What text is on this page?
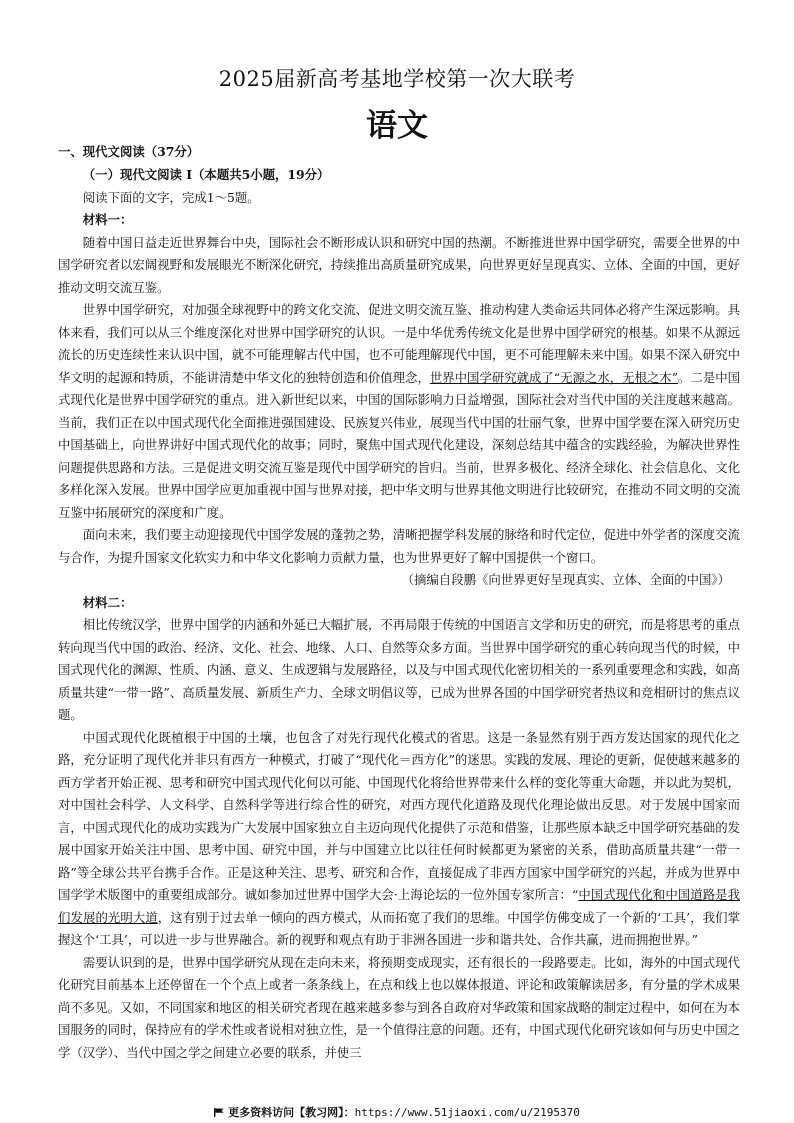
2025届新高考基地学校第一次大联考
语文
一、现代文阅读（37分）
（一）现代文阅读 I（本题共5小题，19分）
阅读下面的文字，完成1～5题。
材料一：

随着中国日益走近世界舞台中央，国际社会不断形成认识和研究中国的热潮。不断推进世界中国学研究，需要全世界的中国学研究者以宏阔视野和发展眼光不断深化研究，持续推出高质量研究成果，向世界更好呈现真实、立体、全面的中国，更好推动文明交流互鉴。

世界中国学研究，对加强全球视野中的跨文化交流、促进文明交流互鉴、推动构建人类命运共同体必将产生深远影响。具体来看，我们可以从三个维度深化对世界中国学研究的认识。一是中华优秀传统文化是世界中国学研究的根基。如果不从源远流长的历史连续性来认识中国，就不可能理解古代中国，也不可能理解现代中国，更不可能理解未来中国。如果不深入研究中华文明的起源和特质，不能讲清楚中华文化的独特创造和价值理念，世界中国学研究就成了“无源之水，无根之木”。二是中国式现代化是世界中国学研究的重点。进入新世纪以来，中国的国际影响力日益增强，国际社会对当代中国的关注度越来越高。当前，我们正在以中国式现代化全面推进强国建设、民族复兴伟业，展现当代中国的壮丽气象，世界中国学要在深入研究历史中国基础上，向世界讲好中国式现代化的故事；同时，聚焦中国式现代化建设，深刻总结其中蕴含的实践经验，为解决世界性问题提供思路和方法。三是促进文明交流互鉴是现代中国学研究的旨归。当前，世界多极化、经济全球化、社会信息化、文化多样化深入发展。世界中国学应更加重视中国与世界对接，把中华文明与世界其他文明进行比较研究，在推动不同文明的交流互鉴中拓展研究的深度和广度。

面向未来，我们要主动迎接现代中国学发展的蓬勃之势，清晰把握学科发展的脉络和时代定位，促进中外学者的深度交流与合作，为提升国家文化软实力和中华文化影响力贡献力量，也为世界更好了解中国提供一个窗口。

（摘编自段鹏《向世界更好呈现真实、立体、全面的中国》）
材料二：

相比传统汉学，世界中国学的内涵和外延已大幅扩展，不再局限于传统的中国语言文学和历史的研究，而是将思考的重点转向现当代中国的政治、经济、文化、社会、地缘、人口、自然等众多方面。当世界中国学研究的重心转向现当代的时候，中国式现代化的渊源、性质、内涵、意义、生成逻辑与发展路径，以及与中国式现代化密切相关的一系列重要理念和实践，如高质量共建“一带一路”、高质量发展、新质生产力、全球文明倡议等，已成为世界各国的中国学研究者热议和竞相研讨的焦点议题。

中国式现代化既植根于中国的土壤，也包含了对先行现代化模式的省思。这是一条显然有别于西方发达国家的现代化之路，充分证明了现代化并非只有西方一种模式，打破了“现代化＝西方化”的迷思。实践的发展、理论的更新，促使越来越多的西方学者开始正视、思考和研究中国式现代化何以可能、中国现代化将给世界带来什么样的变化等重大命题，并以此为契机，对中国社会科学、人文科学、自然科学等进行综合性的研究，对西方现代化道路及现代化理论做出反思。对于发展中国家而言，中国式现代化的成功实践为广大发展中国家独立自主迈向现代化提供了示范和借鉴，让那些原本缺乏中国学研究基础的发展中国家开始关注中国、思考中国、研究中国，并与中国建立比以往任何时候都更为紧密的关系，借助高质量共建“一带一路”等全球公共平台携手合作。正是这种关注、思考、研究和合作，直接促成了非西方国家中国学研究的兴起，并成为世界中国学学术版图中的重要组成部分。诚如参加过世界中国学大会·上海论坛的一位外国专家所言：“中国式现代化和中国道路是我们发展的光明大道，这有别于过去单一倾向的西方模式，从而拓宽了我们的思维。中国学仿佛变成了一个新的‘工具’，我们掌握这个‘工具’，可以进一步与世界融合。新的视野和观点有助于非洲各国进一步和谐共处、合作共赢，进而拥抱世界。”

需要认识到的是，世界中国学研究从现在走向未来，将预期变成现实，还有很长的一段路要走。比如，海外的中国式现代化研究目前基本上还停留在一个个点上或者一条条线上，在点和线上也以媒体报道、评论和政策解读居多，有分量的学术成果尚不多见。又如，不同国家和地区的相关研究者现在越来越多参与到各自政府对华政策和国家战略的制定过程中，如何在为本国服务的同时，保持应有的学术性或者说相对独立性，是一个值得注意的问题。还有，中国式现代化研究该如何与历史中国之学（汉学）、当代中国之学之间建立必要的联系，并使三

更多资料访问【教习网】：https://www.51jiaoxi.com/u/2195370
